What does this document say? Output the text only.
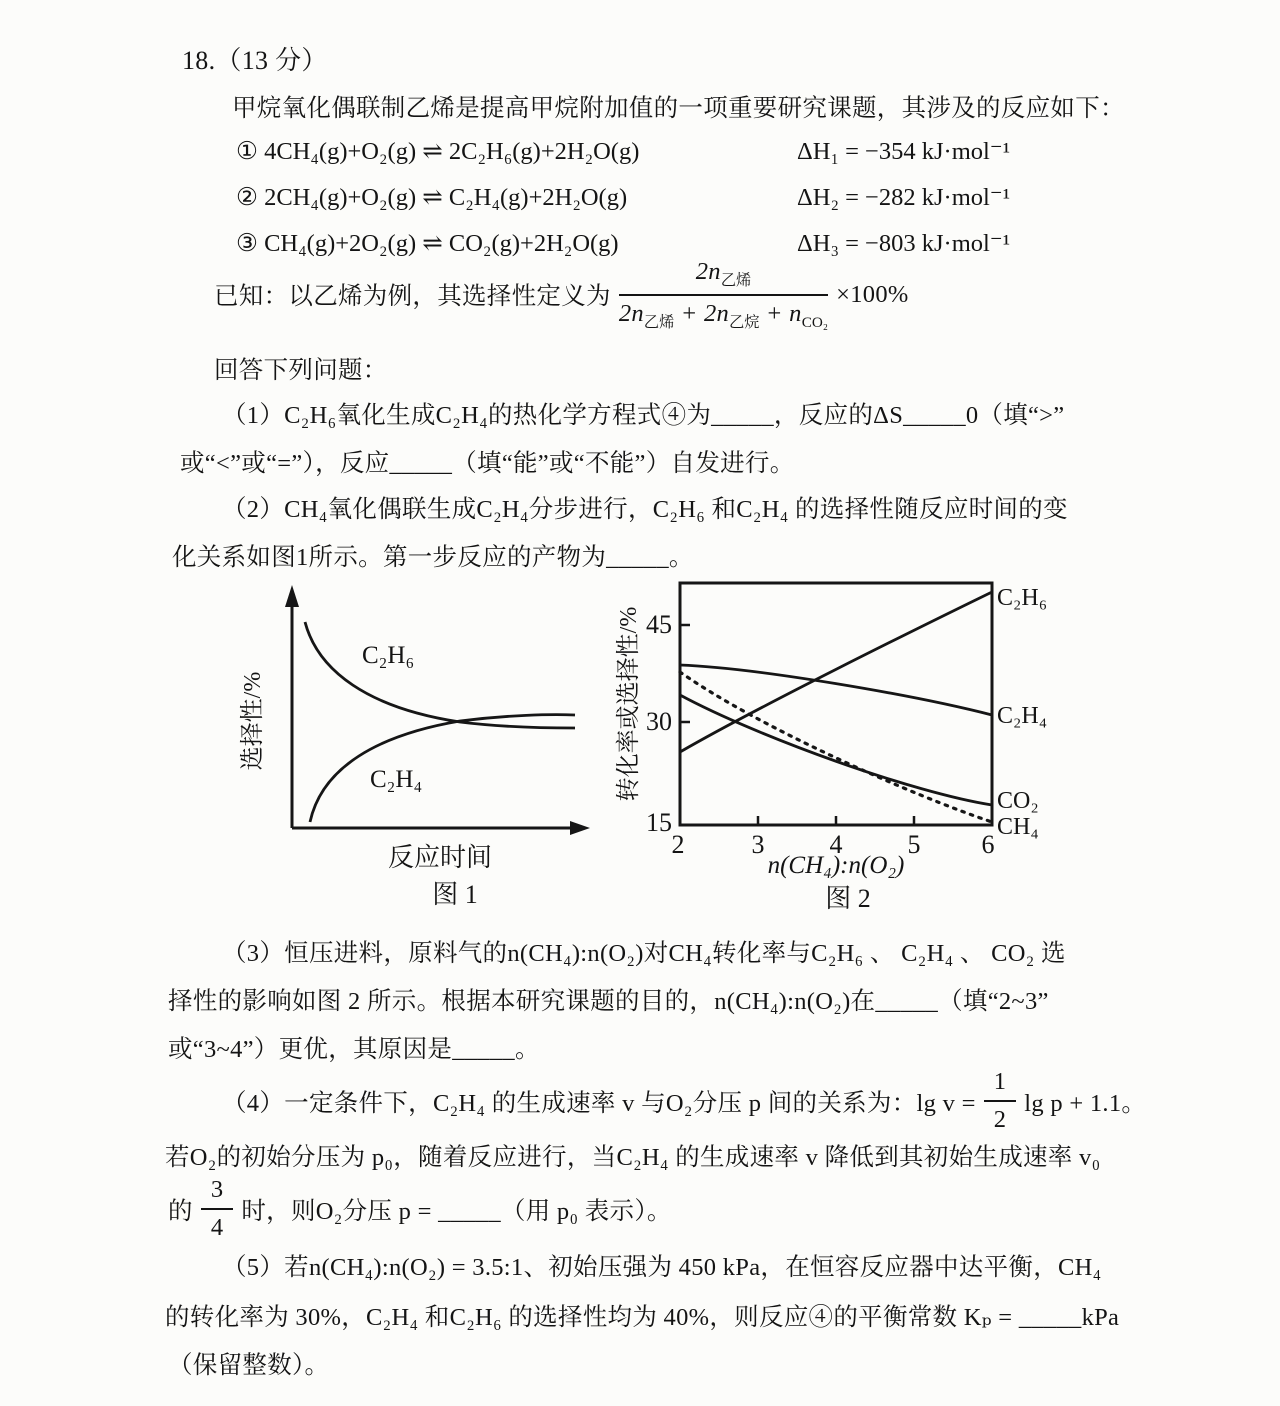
18.（13 分）
甲烷氧化偶联制乙烯是提高甲烷附加值的一项重要研究课题，其涉及的反应如下：
① 4CH₄(g)+O₂(g) ⇌ 2C₂H₆(g)+2H₂O(g)	ΔH₁ = −354 kJ·mol⁻¹
② 2CH₄(g)+O₂(g) ⇌ C₂H₄(g)+2H₂O(g)	ΔH₂ = −282 kJ·mol⁻¹
③ CH₄(g)+2O₂(g) ⇌ CO₂(g)+2H₂O(g)	ΔH₃ = −803 kJ·mol⁻¹
已知：以乙烯为例，其选择性定义为 $\frac{2n_{乙烯}}{2n_{乙烯} + 2n_{乙烷} + n_{CO_2}} \times 100\%$
回答下列问题：
（1）C₂H₆氧化生成C₂H₄的热化学方程式④为_____，反应的ΔS_____0（填“>”
或“<”或“=”），反应_____（填“能”或“不能”）自发进行。
（2）CH₄氧化偶联生成C₂H₄分步进行，C₂H₆ 和C₂H₄ 的选择性随反应时间的变
化关系如图1所示。第一步反应的产物为_____。
C₂H₆
C₂H₄
选择性/%
反应时间
图 1
45
30
15
2	3	4	5 6
C₂H₆
C₂H₄
CO₂
CH₄
转化率或选择性/%
n(CH₄):n(O₂)
图 2
（3）恒压进料，原料气的n(CH₄):n(O₂)对CH₄转化率与C₂H₆ 、 C₂H₄ 、 CO₂ 选
择性的影响如图 2 所示。根据本研究课题的目的，n(CH₄):n(O₂)在_____（填“2~3”
或“3~4”）更优，其原因是_____。
（4）一定条件下，C₂H₄ 的生成速率 v 与O₂分压 p 间的关系为：$\lg v = \frac{1}{2}$ lg p + 1.1。
若O₂的初始分压为 p₀，随着反应进行，当C₂H₄ 的生成速率 v 降低到其初始生成速率 v₀
的 $\frac{3}{4}$ 时，则O₂分压 p = _____（用 p₀ 表示）。
（5）若n(CH₄):n(O₂) = 3.5:1、初始压强为 450 kPa，在恒容反应器中达平衡，CH₄
的转化率为 30%，C₂H₄ 和C₂H₆ 的选择性均为 40%，则反应④的平衡常数 Kₚ = _____kPa
（保留整数）。
